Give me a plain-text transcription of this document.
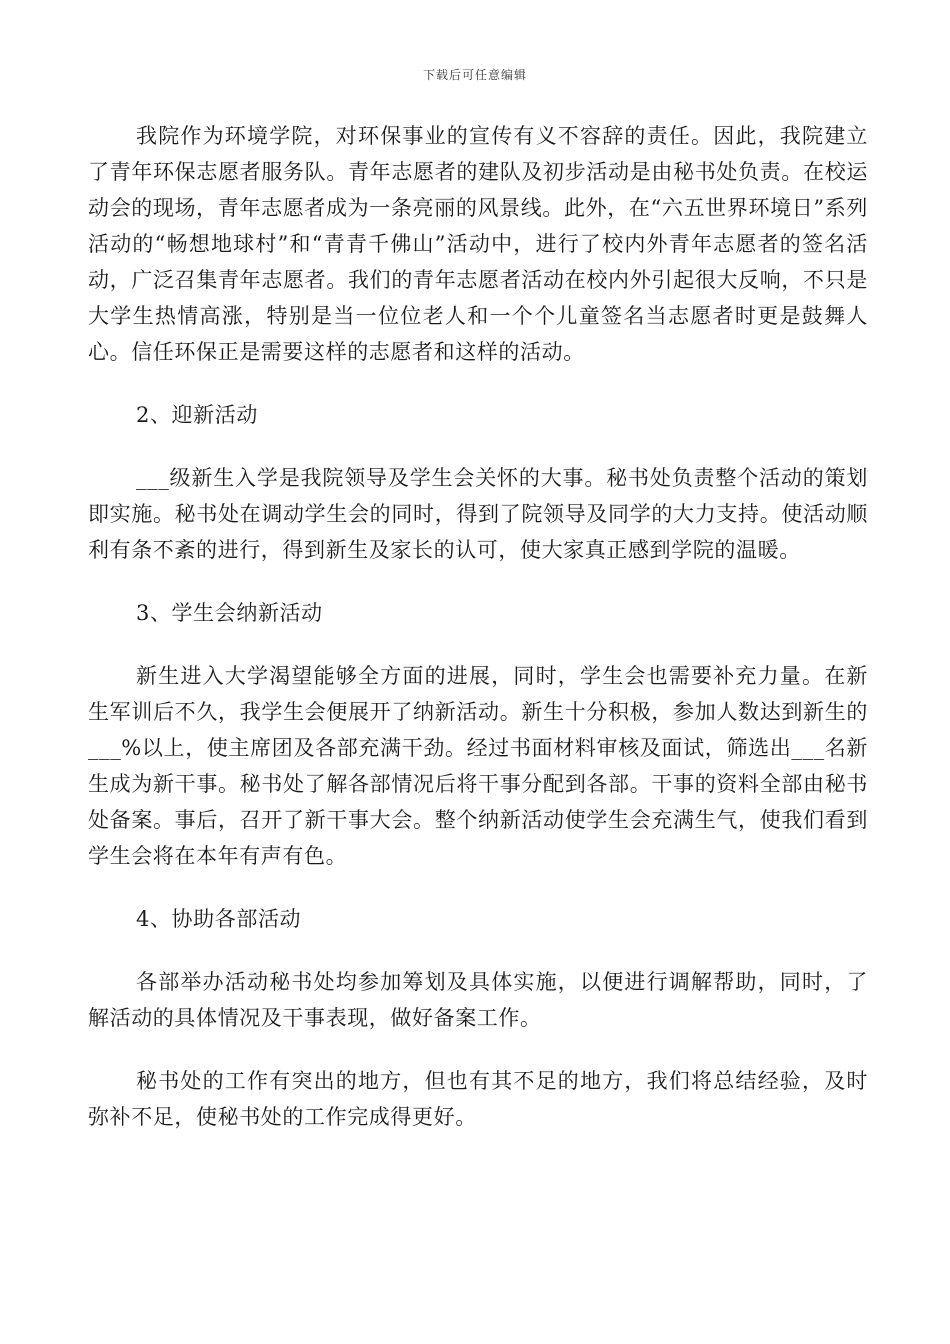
下载后可任意编辑

我院作为环境学院，对环保事业的宣传有义不容辞的责任。因此，我院建立了青年环保志愿者服务队。青年志愿者的建队及初步活动是由秘书处负责。在校运动会的现场，青年志愿者成为一条亮丽的风景线。此外，在“六五世界环境日”系列活动的“畅想地球村”和“青青千佛山”活动中，进行了校内外青年志愿者的签名活动，广泛召集青年志愿者。我们的青年志愿者活动在校内外引起很大反响，不只是大学生热情高涨，特别是当一位位老人和一个个儿童签名当志愿者时更是鼓舞人心。信任环保正是需要这样的志愿者和这样的活动。

2、迎新活动

___级新生入学是我院领导及学生会关怀的大事。秘书处负责整个活动的策划即实施。秘书处在调动学生会的同时，得到了院领导及同学的大力支持。使活动顺利有条不紊的进行，得到新生及家长的认可，使大家真正感到学院的温暖。

3、学生会纳新活动

新生进入大学渴望能够全方面的进展，同时，学生会也需要补充力量。在新生军训后不久，我学生会便展开了纳新活动。新生十分积极，参加人数达到新生的___%以上，使主席团及各部充满干劲。经过书面材料审核及面试，筛选出___名新生成为新干事。秘书处了解各部情况后将干事分配到各部。干事的资料全部由秘书处备案。事后，召开了新干事大会。整个纳新活动使学生会充满生气，使我们看到学生会将在本年有声有色。

4、协助各部活动

各部举办活动秘书处均参加筹划及具体实施，以便进行调解帮助，同时，了解活动的具体情况及干事表现，做好备案工作。

秘书处的工作有突出的地方，但也有其不足的地方，我们将总结经验，及时弥补不足，使秘书处的工作完成得更好。
